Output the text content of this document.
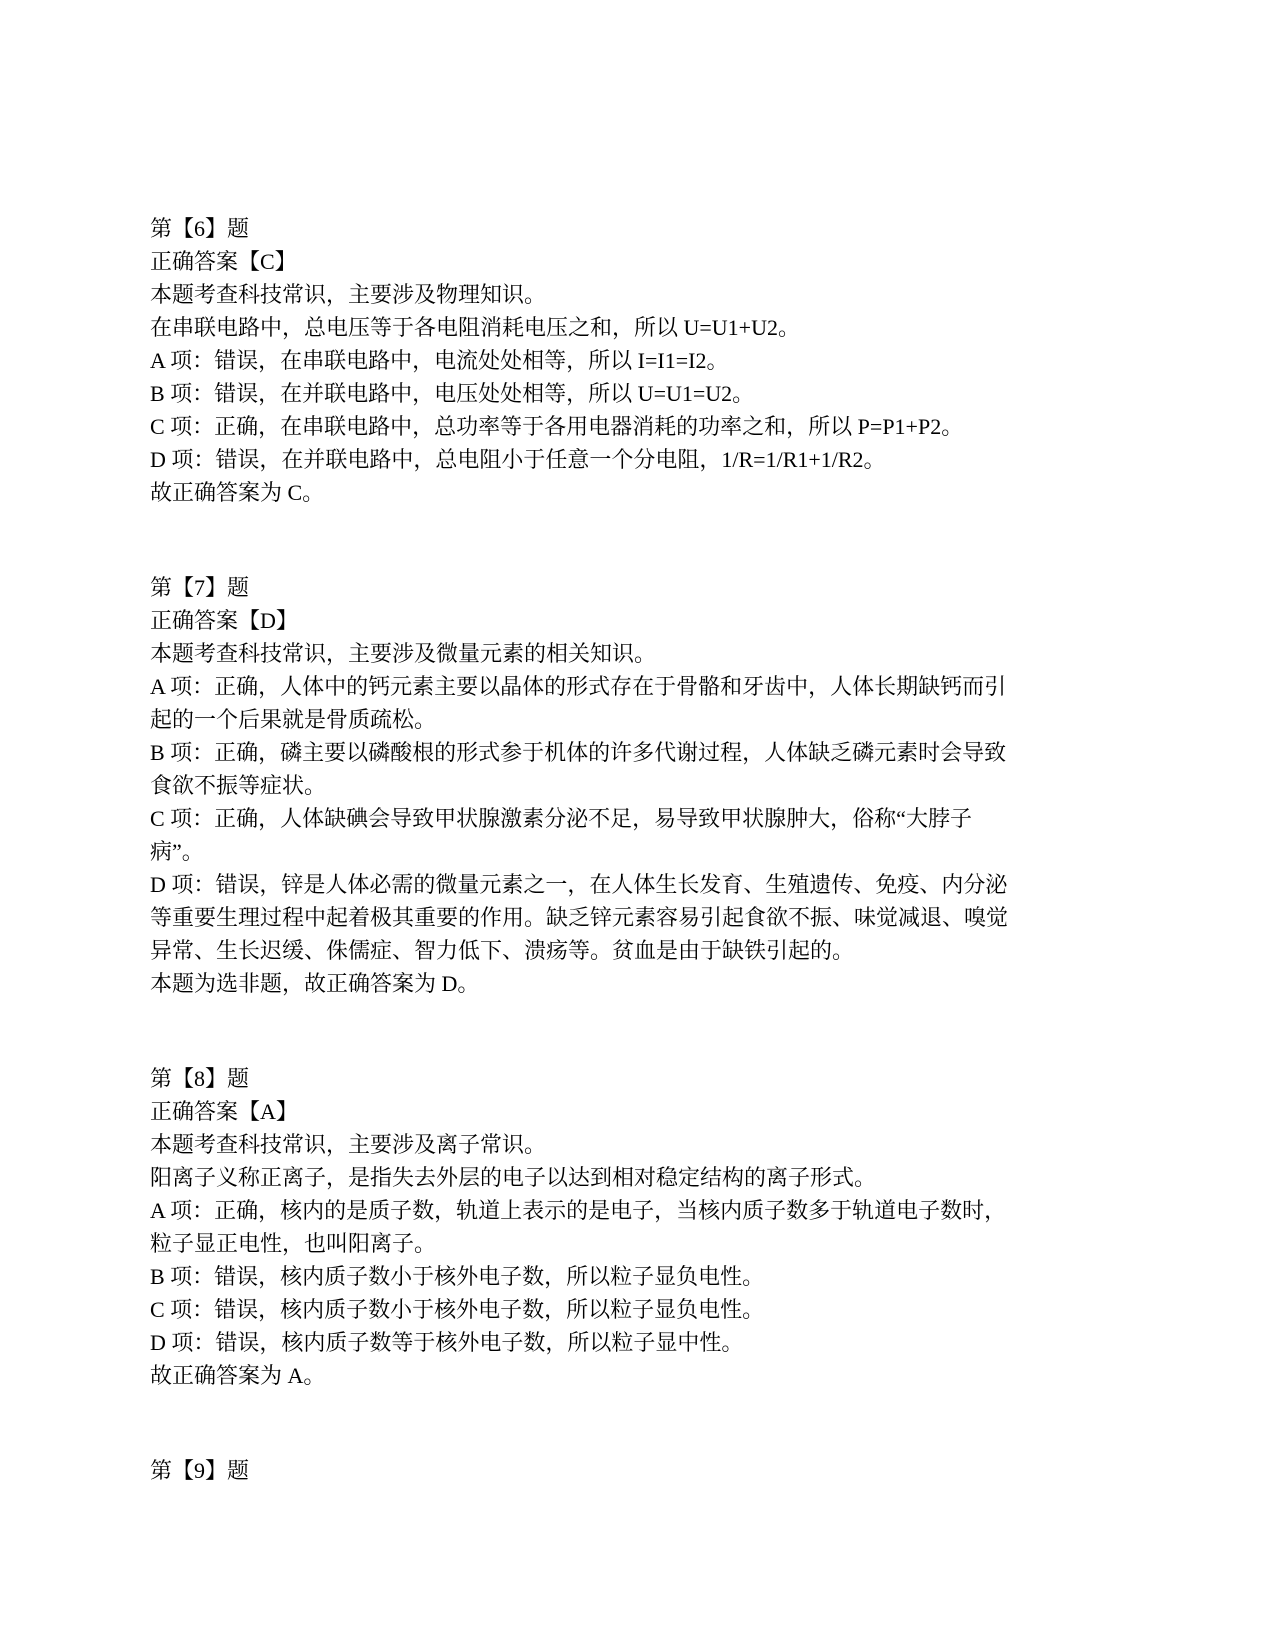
第【6】题
正确答案【C】
本题考查科技常识，主要涉及物理知识。
在串联电路中，总电压等于各电阻消耗电压之和，所以 U=U1+U2。
A 项：错误，在串联电路中，电流处处相等，所以 I=I1=I2。
B 项：错误，在并联电路中，电压处处相等，所以 U=U1=U2。
C 项：正确，在串联电路中，总功率等于各用电器消耗的功率之和，所以 P=P1+P2。
D 项：错误，在并联电路中，总电阻小于任意一个分电阻，1/R=1/R1+1/R2。
故正确答案为 C。
第【7】题
正确答案【D】
本题考查科技常识，主要涉及微量元素的相关知识。
A 项：正确，人体中的钙元素主要以晶体的形式存在于骨骼和牙齿中，人体长期缺钙而引
起的一个后果就是骨质疏松。
B 项：正确，磷主要以磷酸根的形式参于机体的许多代谢过程，人体缺乏磷元素时会导致
食欲不振等症状。
C 项：正确，人体缺碘会导致甲状腺激素分泌不足，易导致甲状腺肿大，俗称“大脖子
病”。
D 项：错误，锌是人体必需的微量元素之一，在人体生长发育、生殖遗传、免疫、内分泌
等重要生理过程中起着极其重要的作用。缺乏锌元素容易引起食欲不振、味觉减退、嗅觉
异常、生长迟缓、侏儒症、智力低下、溃疡等。贫血是由于缺铁引起的。
本题为选非题，故正确答案为 D。
第【8】题
正确答案【A】
本题考查科技常识，主要涉及离子常识。
阳离子义称正离子，是指失去外层的电子以达到相对稳定结构的离子形式。
A 项：正确，核内的是质子数，轨道上表示的是电子，当核内质子数多于轨道电子数时，
粒子显正电性，也叫阳离子。
B 项：错误，核内质子数小于核外电子数，所以粒子显负电性。
C 项：错误，核内质子数小于核外电子数，所以粒子显负电性。
D 项：错误，核内质子数等于核外电子数，所以粒子显中性。
故正确答案为 A。
第【9】题
